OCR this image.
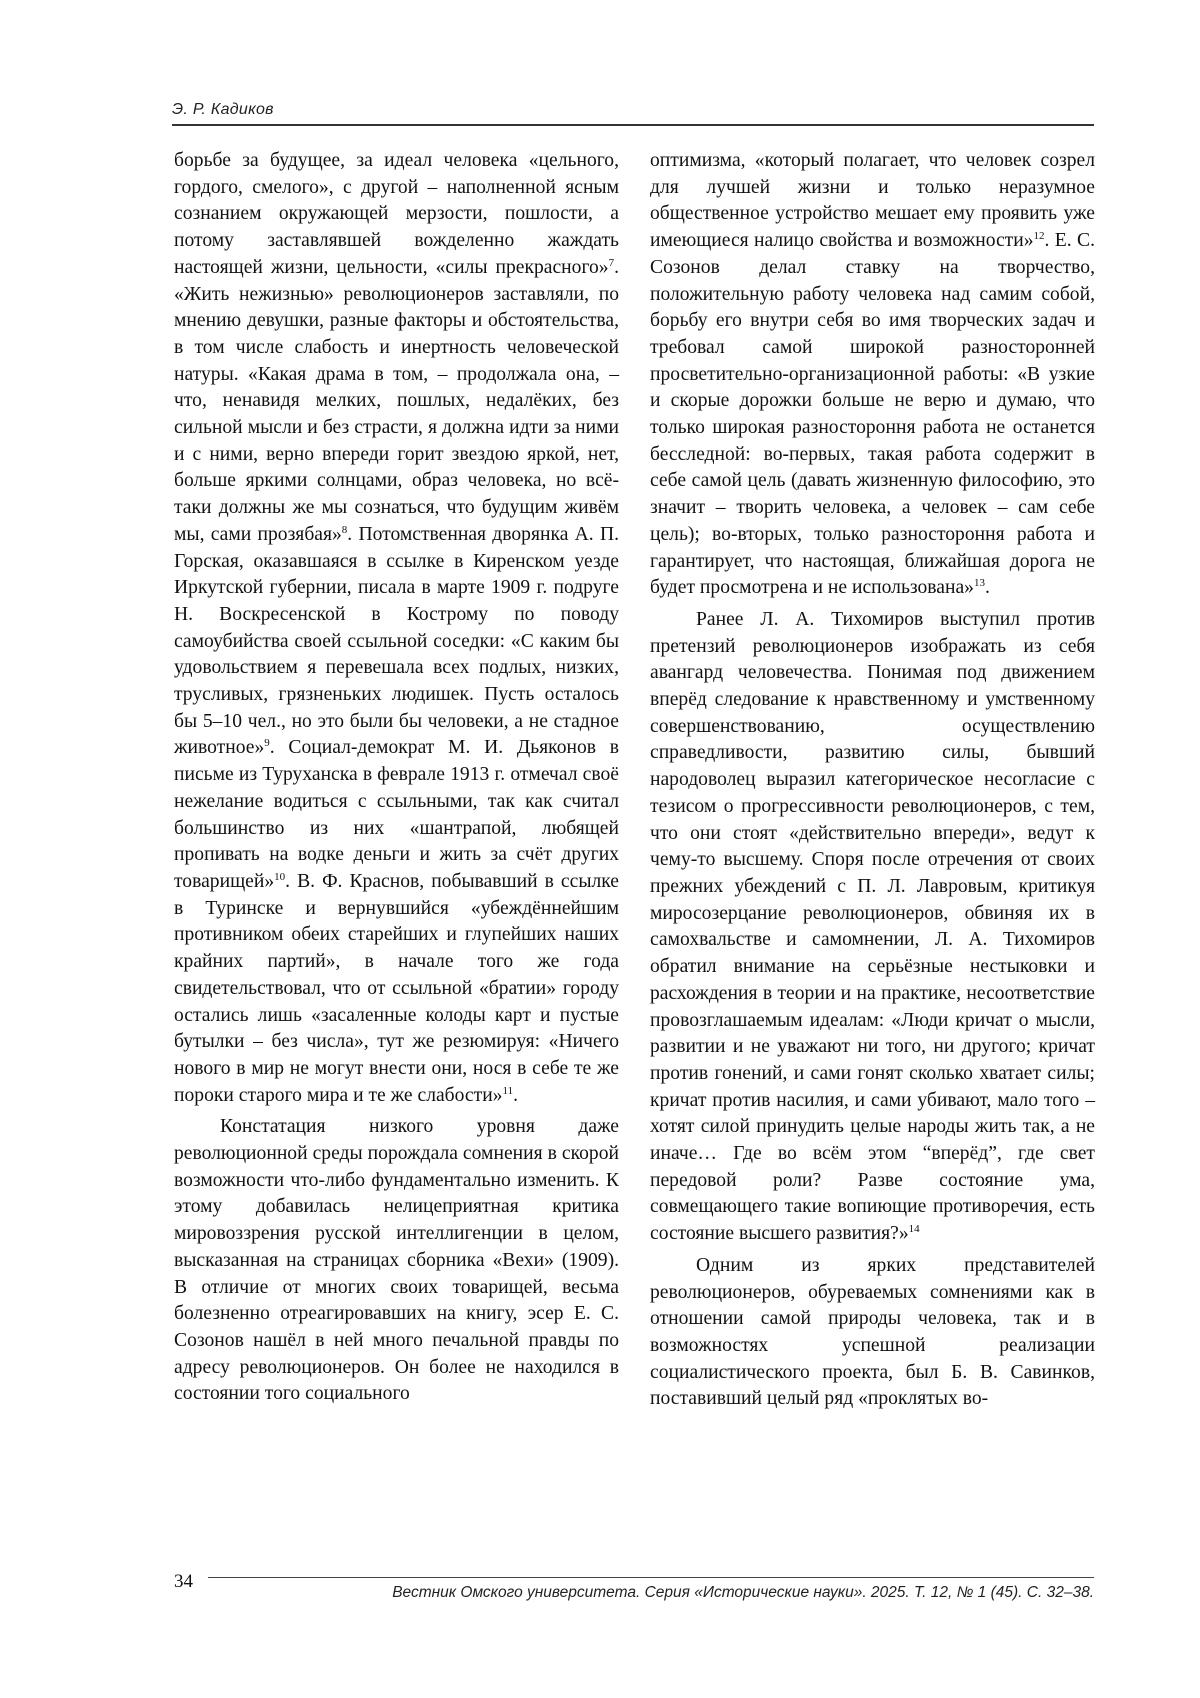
Э. Р. Кадиков

борьбе за будущее, за идеал человека «цельного, гордого, смелого», с другой – наполненной ясным сознанием окружающей мерзости, пошлости, а потому заставлявшей вожделенно жаждать настоящей жизни, цельности, «силы прекрасного»$^7$. «Жить нежизнью» революционеров заставляли, по мнению девушки, разные факторы и обстоятельства, в том числе слабость и инертность человеческой натуры. «Какая драма в том, – продолжала она, – что, ненавидя мелких, пошлых, недалёких, без сильной мысли и без страсти, я должна идти за ними и с ними, верно впереди горит звездою яркой, нет, больше яркими солнцами, образ человека, но всё-таки должны же мы сознаться, что будущим живём мы, сами прозябая»$^8$. Потомственная дворянка А. П. Горская, оказавшаяся в ссылке в Киренском уезде Иркутской губернии, писала в марте 1909 г. подруге Н. Воскресенской в Кострому по поводу самоубийства своей ссыльной соседки: «С каким бы удовольствием я перевешала всех подлых, низких, трусливых, грязненьких людишек. Пусть осталось бы 5–10 чел., но это были бы человеки, а не стадное животное»$^9$. Социал-демократ М. И. Дьяконов в письме из Туруханска в феврале 1913 г. отмечал своё нежелание водиться с ссыльными, так как считал большинство из них «шантрапой, любящей пропивать на водке деньги и жить за счёт других товарищей»$^{10}$. В. Ф. Краснов, побывавший в ссылке в Туринске и вернувшийся «убеждённейшим противником обеих старейших и глупейших наших крайних партий», в начале того же года свидетельствовал, что от ссыльной «братии» городу остались лишь «засаленные колоды карт и пустые бутылки – без числа», тут же резюмируя: «Ничего нового в мир не могут внести они, нося в себе те же пороки старого мира и те же слабости»$^{11}$.

Констатация низкого уровня даже революционной среды порождала сомнения в скорой возможности что-либо фундаментально изменить. К этому добавилась нелицеприятная критика мировоззрения русской интеллигенции в целом, высказанная на страницах сборника «Вехи» (1909). В отличие от многих своих товарищей, весьма болезненно отреагировавших на книгу, эсер Е. С. Созонов нашёл в ней много печальной правды по адресу революционеров. Он более не находился в состоянии того социального

оптимизма, «который полагает, что человек созрел для лучшей жизни и только неразумное общественное устройство мешает ему проявить уже имеющиеся налицо свойства и возможности»$^{12}$. Е. С. Созонов делал ставку на творчество, положительную работу человека над самим собой, борьбу его внутри себя во имя творческих задач и требовал самой широкой разносторонней просветительно-организационной работы: «В узкие и скорые дорожки больше не верю и думаю, что только широкая разностороння работа не останется бесследной: во-первых, такая работа содержит в себе самой цель (давать жизненную философию, это значит – творить человека, а человек – сам себе цель); во-вторых, только разностороння работа и гарантирует, что настоящая, ближайшая дорога не будет просмотрена и не использована»$^{13}$.

Ранее Л. А. Тихомиров выступил против претензий революционеров изображать из себя авангард человечества. Понимая под движением вперёд следование к нравственному и умственному совершенствованию, осуществлению справедливости, развитию силы, бывший народоволец выразил категорическое несогласие с тезисом о прогрессивности революционеров, с тем, что они стоят «действительно впереди», ведут к чему-то высшему. Споря после отречения от своих прежних убеждений с П. Л. Лавровым, критикуя миросозерцание революционеров, обвиняя их в самохвальстве и самомнении, Л. А. Тихомиров обратил внимание на серьёзные нестыковки и расхождения в теории и на практике, несоответствие провозглашаемым идеалам: «Люди кричат о мысли, развитии и не уважают ни того, ни другого; кричат против гонений, и сами гонят сколько хватает силы; кричат против насилия, и сами убивают, мало того – хотят силой принудить целые народы жить так, а не иначе… Где во всём этом “вперёд”, где свет передовой роли? Разве состояние ума, совмещающего такие вопиющие противоречия, есть состояние высшего развития?»$^{14}$

Одним из ярких представителей революционеров, обуреваемых сомнениями как в отношении самой природы человека, так и в возможностях успешной реализации социалистического проекта, был Б. В. Савинков, поставивший целый ряд «проклятых во-

34
Вестник Омского университета. Серия «Исторические науки». 2025. Т. 12, № 1 (45). С. 32–38.
